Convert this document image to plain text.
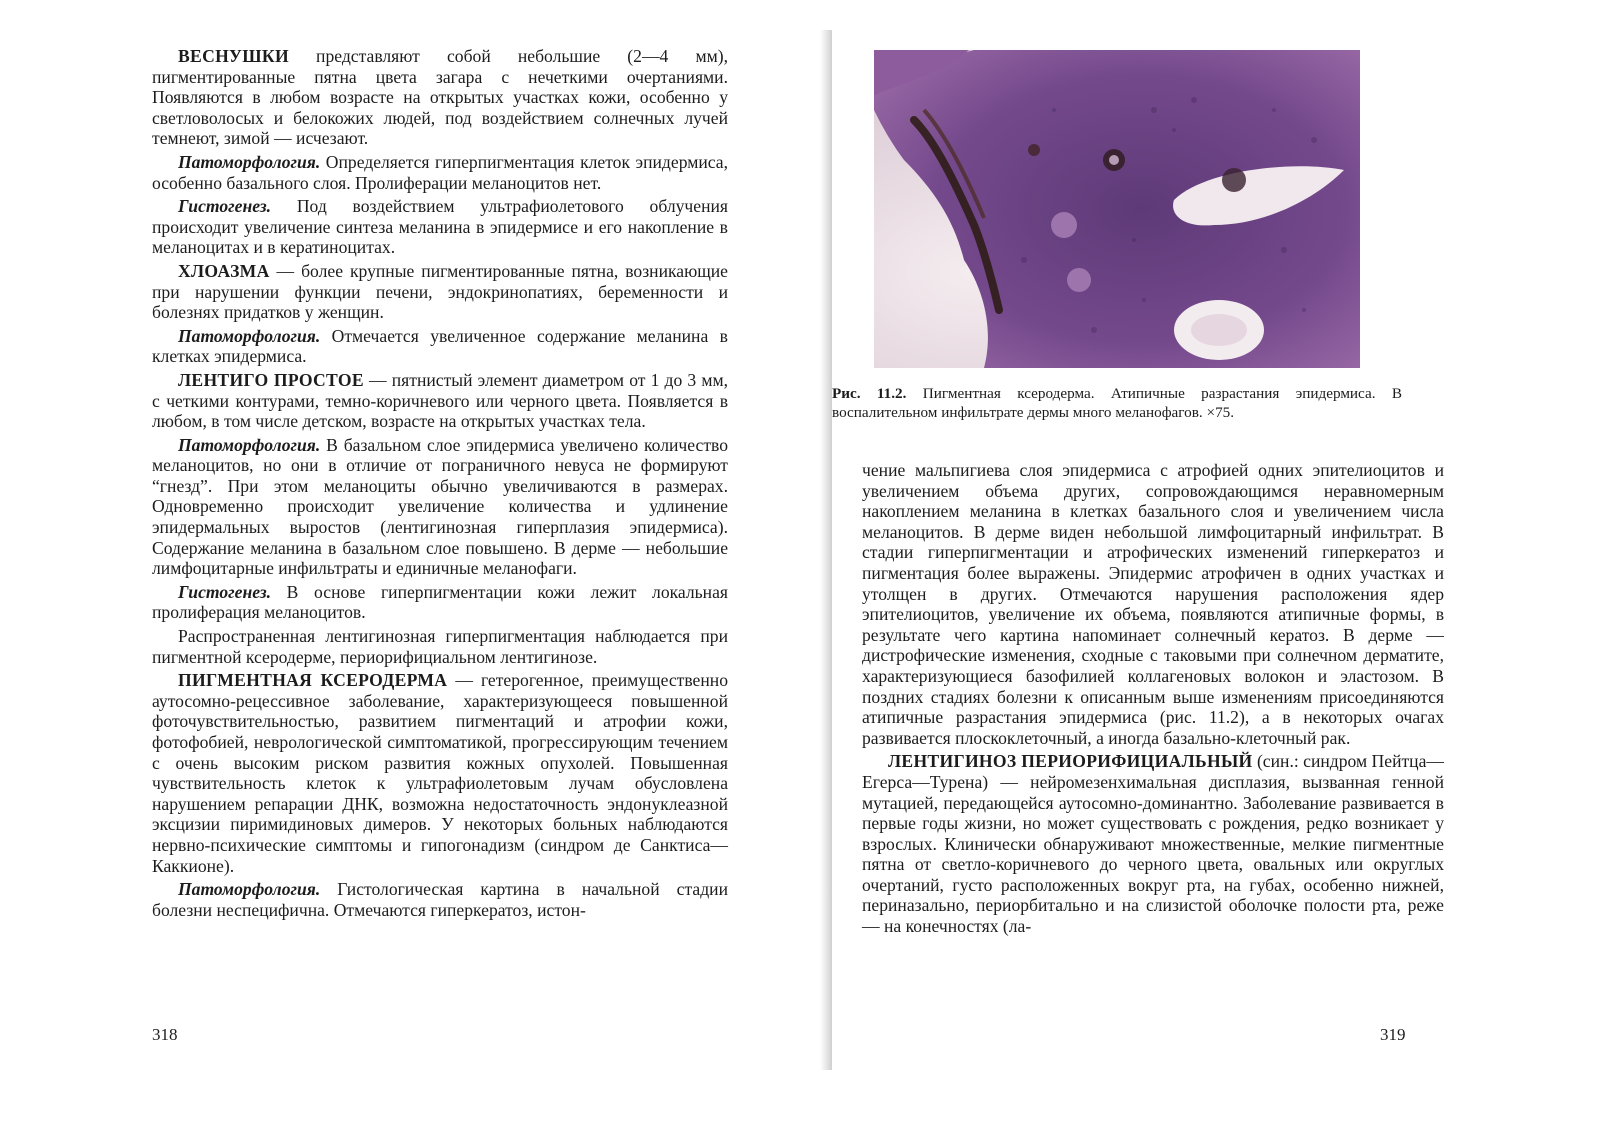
ВЕСНУШКИ представляют собой небольшие (2—4 мм), пигментированные пятна цвета загара с нечеткими очертаниями. Появляются в любом возрасте на открытых участках кожи, особенно у светловолосых и белокожих людей, под воздействием солнечных лучей темнеют, зимой — исчезают.

Патоморфология. Определяется гиперпигментация клеток эпидермиса, особенно базального слоя. Пролиферации меланоцитов нет.

Гистогенез. Под воздействием ультрафиолетового облучения происходит увеличение синтеза меланина в эпидермисе и его накопление в меланоцитах и в кератиноцитах.

ХЛОАЗМА — более крупные пигментированные пятна, возникающие при нарушении функции печени, эндокринопатиях, беременности и болезнях придатков у женщин.

Патоморфология. Отмечается увеличенное содержание меланина в клетках эпидермиса.

ЛЕНТИГО ПРОСТОЕ — пятнистый элемент диаметром от 1 до 3 мм, с четкими контурами, темно-коричневого или черного цвета. Появляется в любом, в том числе детском, возрасте на открытых участках тела.

Патоморфология. В базальном слое эпидермиса увеличено количество меланоцитов, но они в отличие от пограничного невуса не формируют “гнезд”. При этом меланоциты обычно увеличиваются в размерах. Одновременно происходит увеличение количества и удлинение эпидермальных выростов (лентигинозная гиперплазия эпидермиса). Содержание меланина в базальном слое повышено. В дерме — небольшие лимфоцитарные инфильтраты и единичные меланофаги.

Гистогенез. В основе гиперпигментации кожи лежит локальная пролиферация меланоцитов.

Распространенная лентигинозная гиперпигментация наблюдается при пигментной ксеродерме, периорифициальном лентигинозе.

ПИГМЕНТНАЯ КСЕРОДЕРМА — гетерогенное, преимущественно аутосомно-рецессивное заболевание, характеризующееся повышенной фоточувствительностью, развитием пигментаций и атрофии кожи, фотофобией, неврологической симптоматикой, прогрессирующим течением с очень высоким риском развития кожных опухолей. Повышенная чувствительность клеток к ультрафиолетовым лучам обусловлена нарушением репарации ДНК, возможна недостаточность эндонуклеазной эксцизии пиримидиновых димеров. У некоторых больных наблюдаются нервно-психические симптомы и гипогонадизм (синдром де Санктиса—Каккионе).

Патоморфология. Гистологическая картина в начальной стадии болезни неспецифична. Отмечаются гиперкератоз, истон-

318
Рис. 11.2. Пигментная ксеродерма. Атипичные разрастания эпидермиса. В воспалительном инфильтрате дермы много меланофагов. ×75.

чение мальпигиева слоя эпидермиса с атрофией одних эпителиоцитов и увеличением объема других, сопровождающимся неравномерным накоплением меланина в клетках базального слоя и увеличением числа меланоцитов. В дерме виден небольшой лимфоцитарный инфильтрат. В стадии гиперпигментации и атрофических изменений гиперкератоз и пигментация более выражены. Эпидермис атрофичен в одних участках и утолщен в других. Отмечаются нарушения расположения ядер эпителиоцитов, увеличение их объема, появляются атипичные формы, в результате чего картина напоминает солнечный кератоз. В дерме — дистрофические изменения, сходные с таковыми при солнечном дерматите, характеризующиеся базофилией коллагеновых волокон и эластозом. В поздних стадиях болезни к описанным выше изменениям присоединяются атипичные разрастания эпидермиса (рис. 11.2), а в некоторых очагах развивается плоскоклеточный, а иногда базально-клеточный рак.

ЛЕНТИГИНОЗ ПЕРИОРИФИЦИАЛЬНЫЙ (син.: синдром Пейтца—Егерса—Турена) — нейромезенхимальная дисплазия, вызванная генной мутацией, передающейся аутосомно-доминантно. Заболевание развивается в первые годы жизни, но может существовать с рождения, редко возникает у взрослых. Клинически обнаруживают множественные, мелкие пигментные пятна от светло-коричневого до черного цвета, овальных или округлых очертаний, густо расположенных вокруг рта, на губах, особенно нижней, периназально, периорбитально и на слизистой оболочке полости рта, реже — на конечностях (ла-

319
